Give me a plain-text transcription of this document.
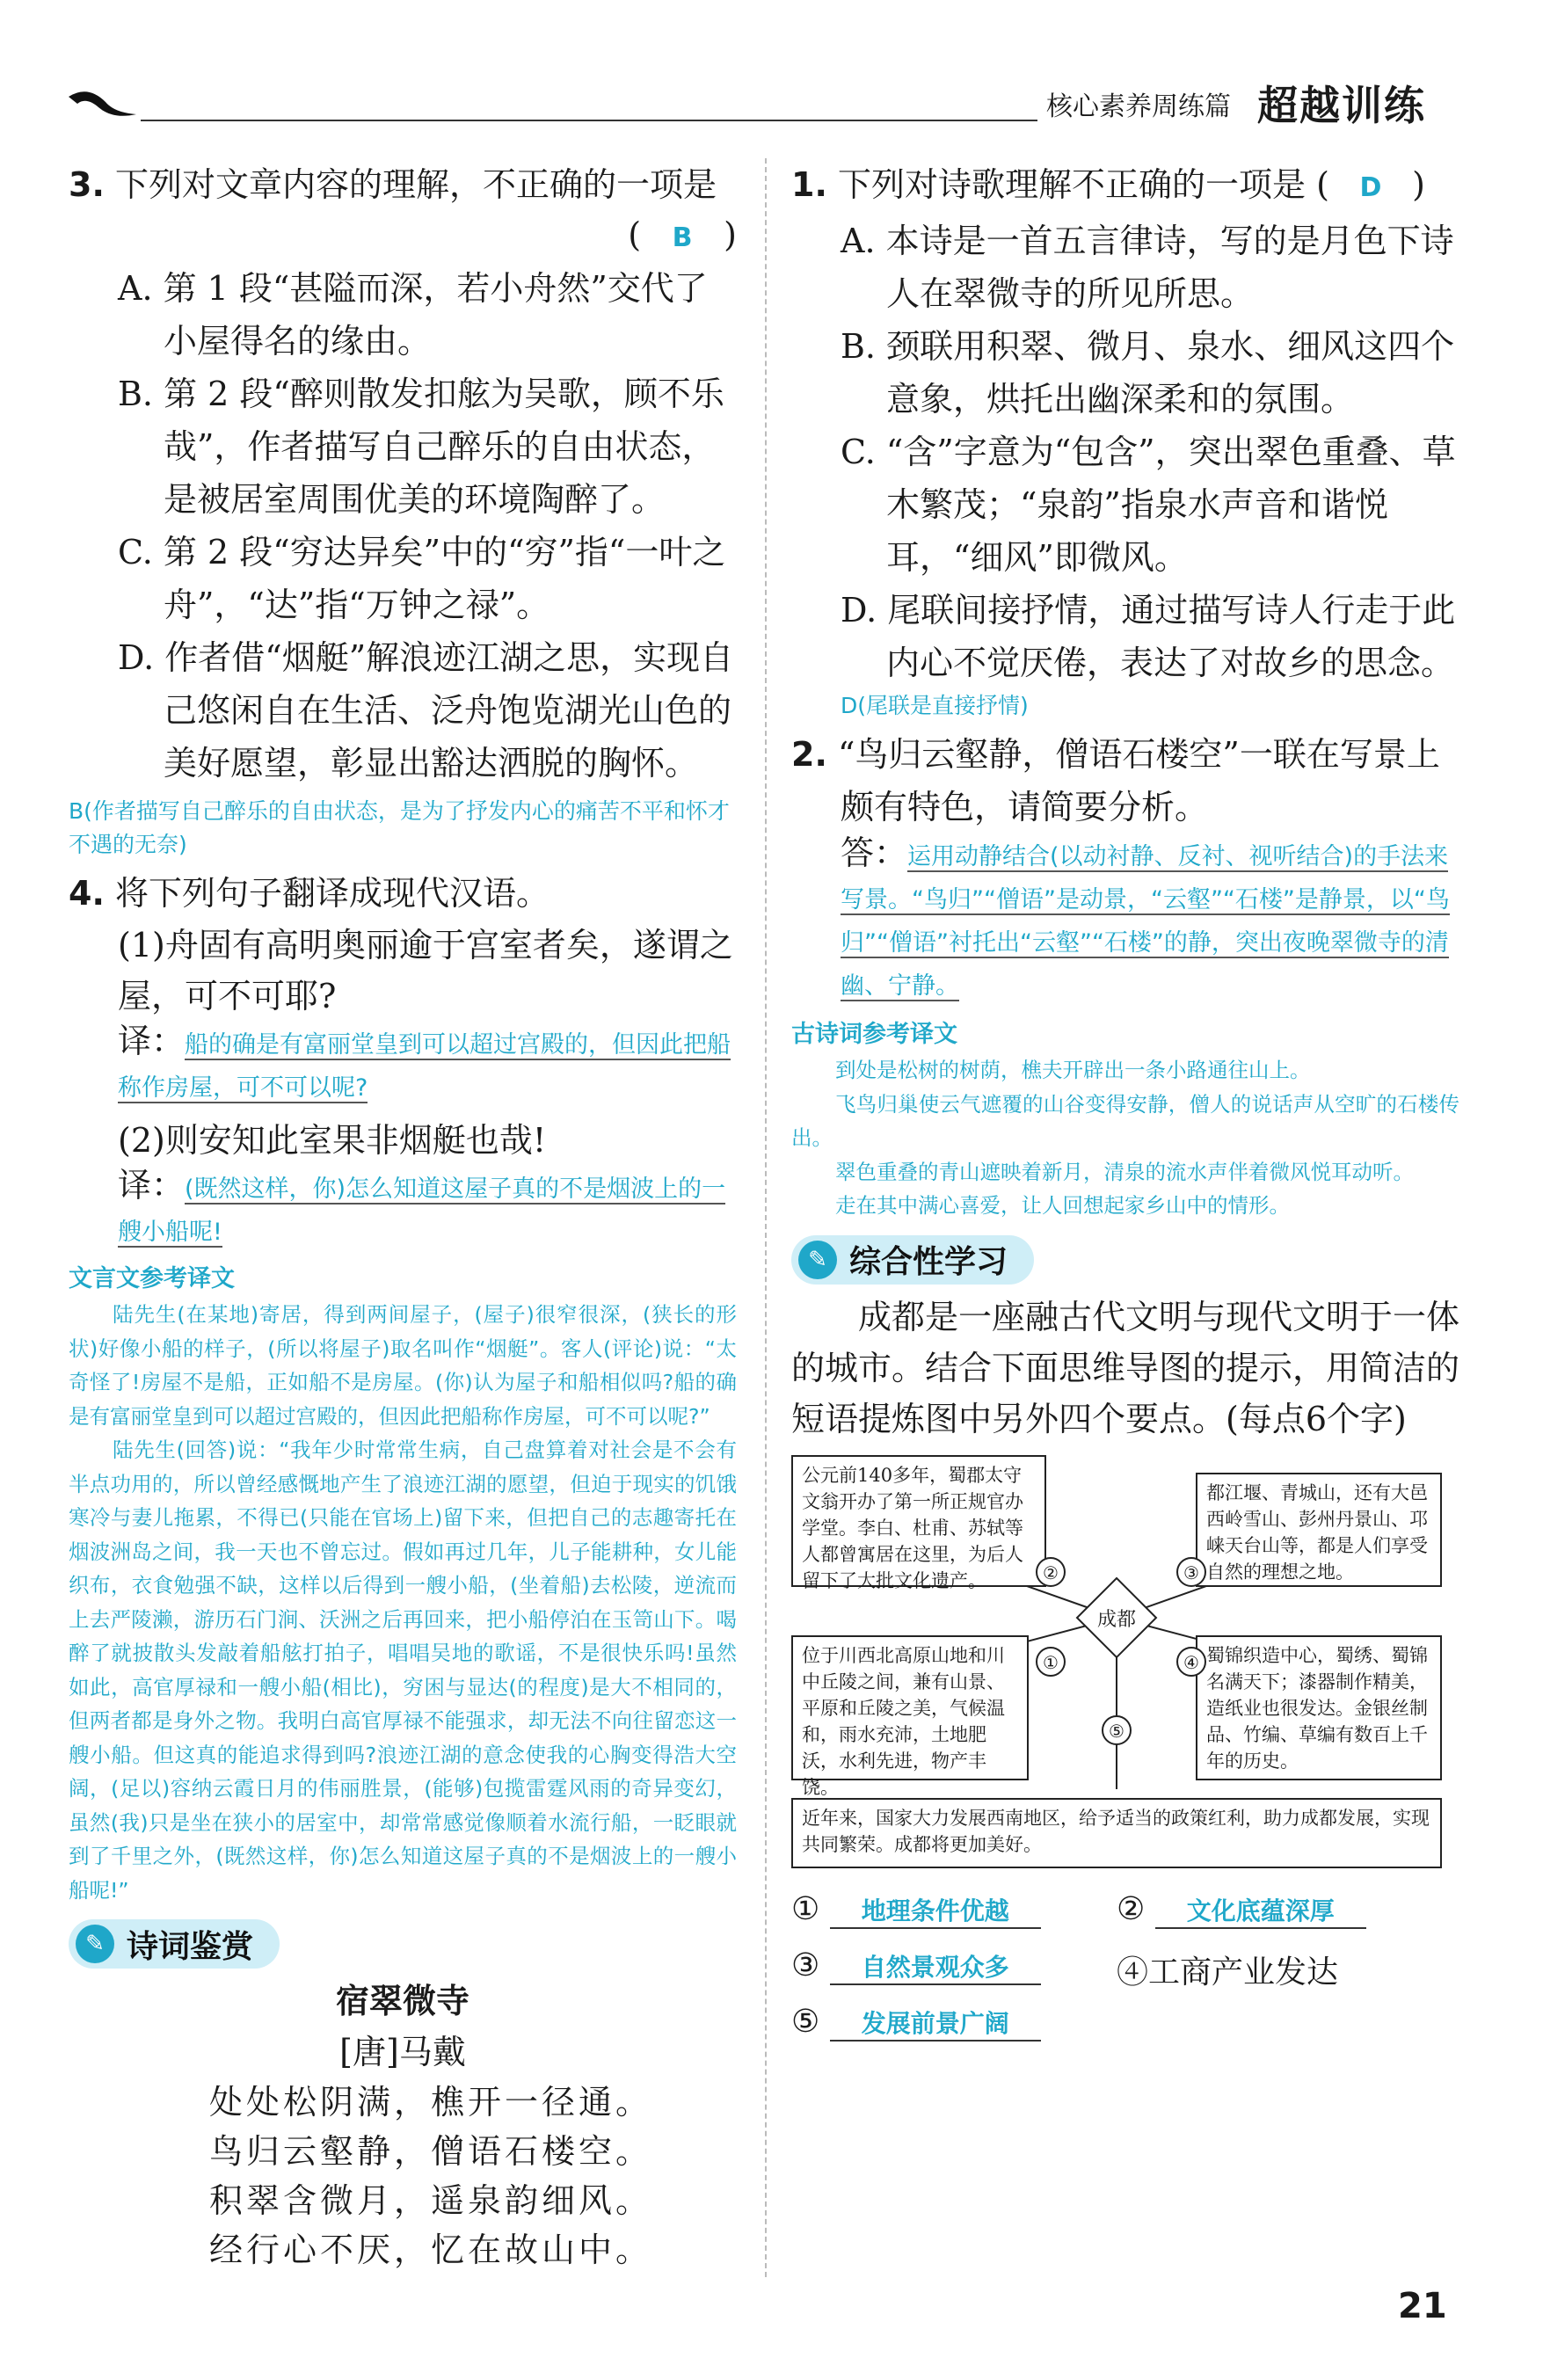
核心素养周练篇 超越训练

3. 下列对文章内容的理解，不正确的一项是

( B )

A. 第 1 段“甚隘而深，若小舟然”交代了小屋得名的缘由。

B. 第 2 段“醉则散发扣舷为吴歌，顾不乐哉”，作者描写自己醉乐的自由状态，是被居室周围优美的环境陶醉了。

C. 第 2 段“穷达异矣”中的“穷”指“一叶之舟”，“达”指“万钟之禄”。

D. 作者借“烟艇”解浪迹江湖之思，实现自己悠闲自在生活、泛舟饱览湖光山色的美好愿望，彰显出豁达洒脱的胸怀。

B(作者描写自己醉乐的自由状态，是为了抒发内心的痛苦不平和怀才不遇的无奈)

4. 将下列句子翻译成现代汉语。

(1)舟固有高明奥丽逾于宫室者矣，遂谓之屋，可不可耶?

译：船的确是有富丽堂皇到可以超过宫殿的，但因此把船称作房屋，可不可以呢?

(2)则安知此室果非烟艇也哉!

译：(既然这样，你)怎么知道这屋子真的不是烟波上的一艘小船呢!

文言文参考译文

陆先生(在某地)寄居，得到两间屋子，(屋子)很窄很深，(狭长的形状)好像小船的样子，(所以将屋子)取名叫作“烟艇”。客人(评论)说：“太奇怪了!房屋不是船，正如船不是房屋。(你)认为屋子和船相似吗?船的确是有富丽堂皇到可以超过宫殿的，但因此把船称作房屋，可不可以呢?”

陆先生(回答)说：“我年少时常常生病，自己盘算着对社会是不会有半点功用的，所以曾经感慨地产生了浪迹江湖的愿望，但迫于现实的饥饿寒冷与妻儿拖累，不得已(只能在官场上)留下来，但把自己的志趣寄托在烟波洲岛之间，我一天也不曾忘过。假如再过几年，儿子能耕种，女儿能织布，衣食勉强不缺，这样以后得到一艘小船，(坐着船)去松陵，逆流而上去严陵濑，游历石门涧、沃洲之后再回来，把小船停泊在玉笥山下。喝醉了就披散头发敲着船舷打拍子，唱唱吴地的歌谣，不是很快乐吗!虽然如此，高官厚禄和一艘小船(相比)，穷困与显达(的程度)是大不相同的，但两者都是身外之物。我明白高官厚禄不能强求，却无法不向往留恋这一艘小船。但这真的能追求得到吗?浪迹江湖的意念使我的心胸变得浩大空阔，(足以)容纳云霞日月的伟丽胜景，(能够)包揽雷霆风雨的奇异变幻，虽然(我)只是坐在狭小的居室中，却常常感觉像顺着水流行船，一眨眼就到了千里之外，(既然这样，你)怎么知道这屋子真的不是烟波上的一艘小船呢!”

✎ 诗词鉴赏

宿翠微寺

[唐]马戴

处处松阴满，樵开一径通。

鸟归云壑静，僧语石楼空。

积翠含微月，遥泉韵细风。

经行心不厌，忆在故山中。

1. 下列对诗歌理解不正确的一项是 ( D )

A. 本诗是一首五言律诗，写的是月色下诗人在翠微寺的所见所思。

B. 颈联用积翠、微月、泉水、细风这四个意象，烘托出幽深柔和的氛围。

C. “含”字意为“包含”，突出翠色重叠、草木繁茂；“泉韵”指泉水声音和谐悦耳，“细风”即微风。

D. 尾联间接抒情，通过描写诗人行走于此内心不觉厌倦，表达了对故乡的思念。

D(尾联是直接抒情)

2. “鸟归云壑静，僧语石楼空”一联在写景上颇有特色，请简要分析。

答：运用动静结合(以动衬静、反衬、视听结合)的手法来写景。“鸟归”“僧语”是动景，“云壑”“石楼”是静景，以“鸟归”“僧语”衬托出“云壑”“石楼”的静，突出夜晚翠微寺的清幽、宁静。

古诗词参考译文

到处是松树的树荫，樵夫开辟出一条小路通往山上。

飞鸟归巢使云气遮覆的山谷变得安静，僧人的说话声从空旷的石楼传出。

翠色重叠的青山遮映着新月，清泉的流水声伴着微风悦耳动听。

走在其中满心喜爱，让人回想起家乡山中的情形。

✎ 综合性学习

成都是一座融古代文明与现代文明于一体的城市。结合下面思维导图的提示，用简洁的短语提炼图中另外四个要点。(每点6个字)

成都
公元前140多年，蜀郡太守文翁开办了第一所正规官办学堂。李白、杜甫、苏轼等人都曾寓居在这里，为后人留下了大批文化遗产。
都江堰、青城山，还有大邑西岭雪山、彭州丹景山、邛崃天台山等，都是人们享受自然的理想之地。
位于川西北高原山地和川中丘陵之间，兼有山景、平原和丘陵之美，气候温和，雨水充沛，土地肥沃，水利先进，物产丰饶。
蜀锦织造中心，蜀绣、蜀锦名满天下；漆器制作精美，造纸业也很发达。金银丝制品、竹编、草编有数百上千年的历史。
近年来，国家大力发展西南地区，给予适当的政策红利，助力成都发展，实现共同繁荣。成都将更加美好。
②	③
①	④
⑤
① 地理条件优越	② 文化底蕴深厚
③ 自然景观众多	④工商产业发达
⑤ 发展前景广阔
21
